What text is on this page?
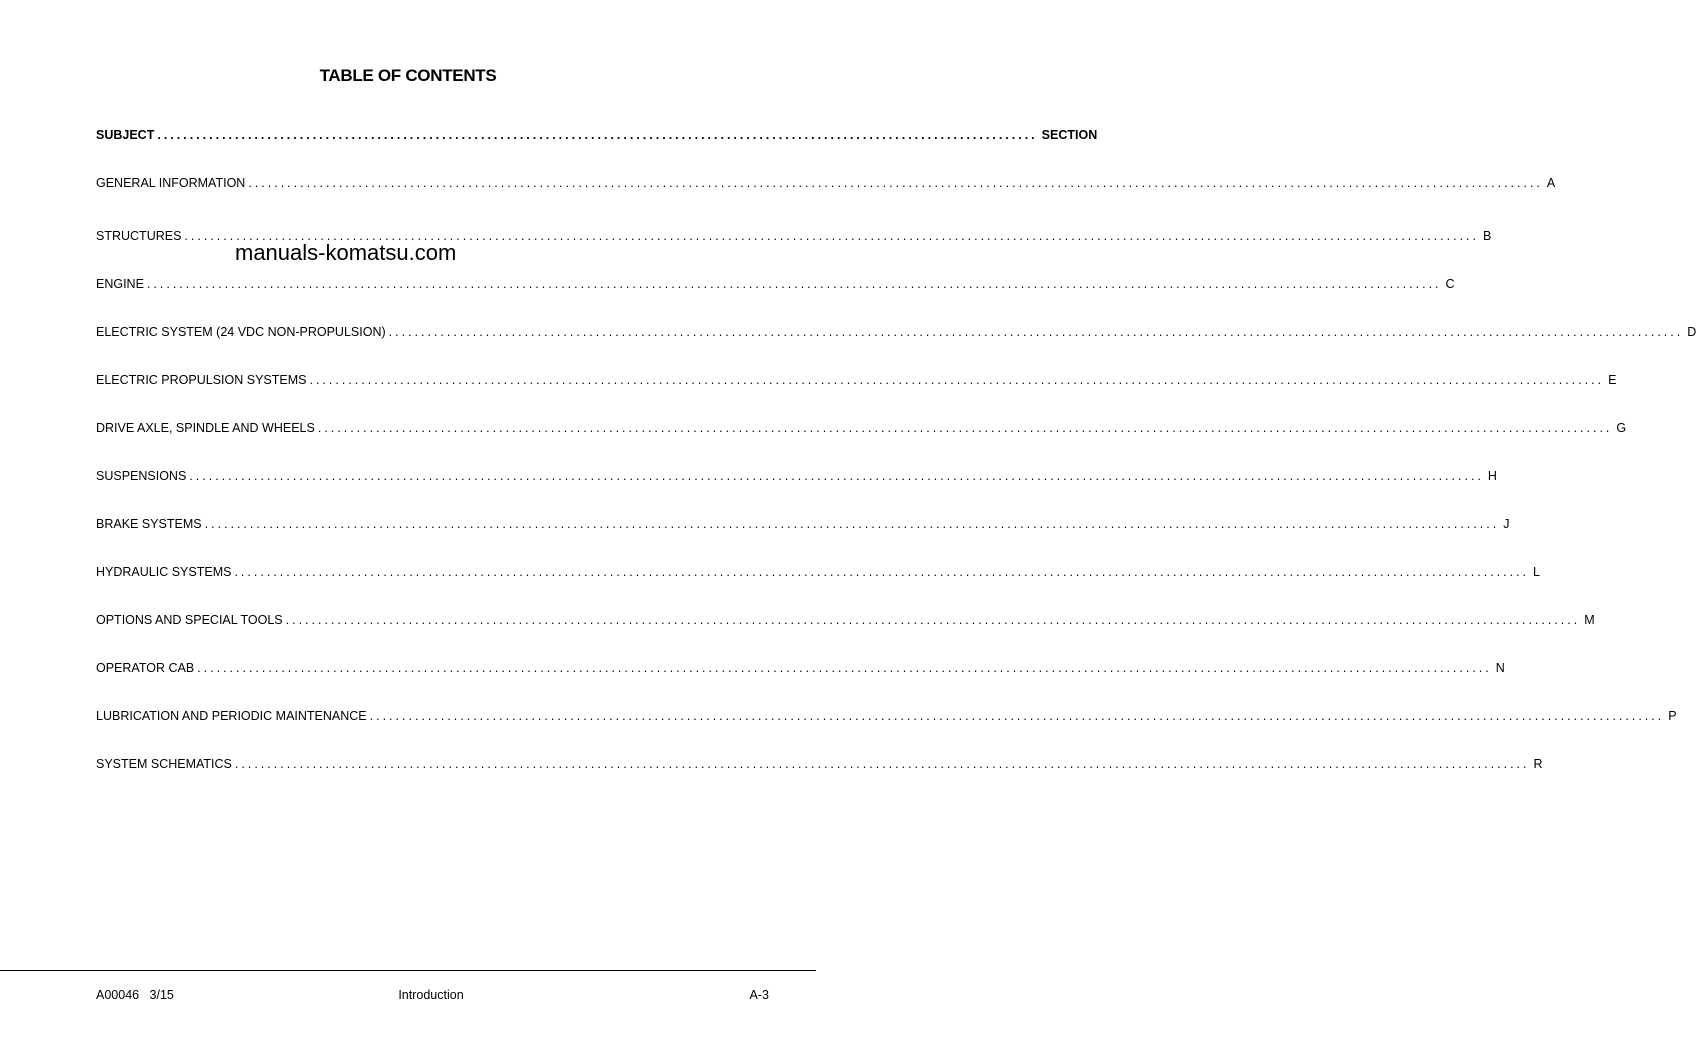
TABLE OF CONTENTS
SUBJECT ........................................................................................................................................ SECTION
GENERAL INFORMATION ........................................................................................................................................................................................................ A
STRUCTURES ........................................................................................................................................................................................................ B
ENGINE ........................................................................................................................................................................................................ C
ELECTRIC SYSTEM (24 VDC NON-PROPULSION) ........................................................................................................................................................................................................ D
ELECTRIC PROPULSION SYSTEMS ........................................................................................................................................................................................................ E
DRIVE AXLE, SPINDLE AND WHEELS ........................................................................................................................................................................................................ G
SUSPENSIONS ........................................................................................................................................................................................................ H
BRAKE SYSTEMS ........................................................................................................................................................................................................ J
HYDRAULIC SYSTEMS ........................................................................................................................................................................................................ L
OPTIONS AND SPECIAL TOOLS ........................................................................................................................................................................................................ M
OPERATOR CAB ........................................................................................................................................................................................................ N
LUBRICATION AND PERIODIC MAINTENANCE ........................................................................................................................................................................................................ P
SYSTEM SCHEMATICS ........................................................................................................................................................................................................ R
manuals-komatsu.com
A00046   3/15	Introduction	A-3
